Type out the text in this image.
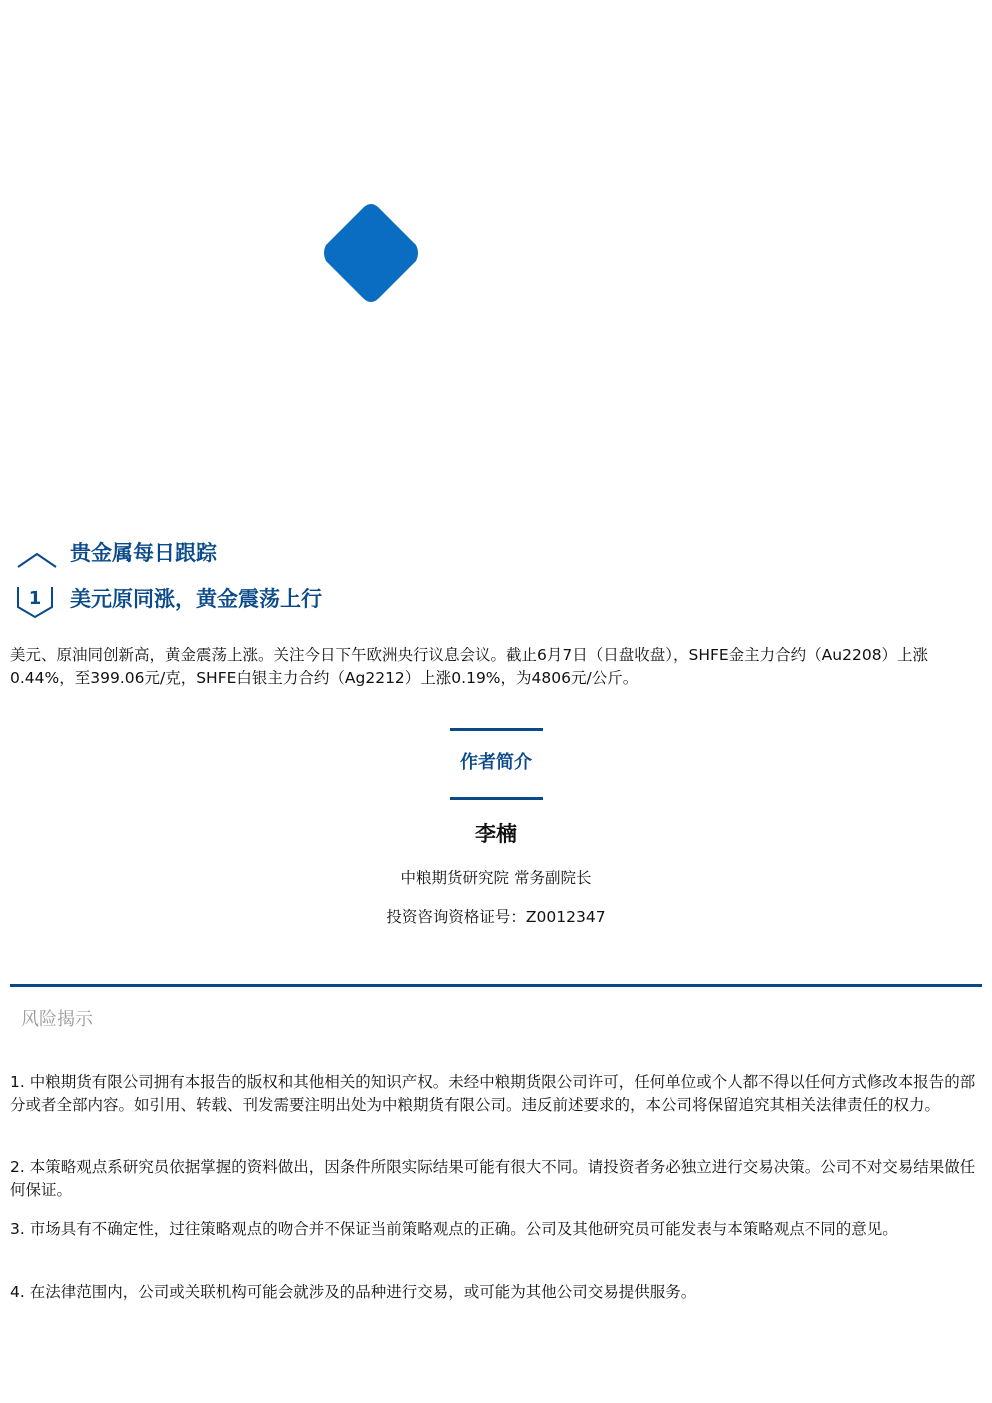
贵金属每日跟踪
1	美元原同涨，黄金震荡上行

美元、原油同创新高，黄金震荡上涨。关注今日下午欧洲央行议息会议。截止6月7日（日盘收盘），SHFE金主力合约（Au2208）上涨0.44%，至399.06元/克，SHFE白银主力合约（Ag2212）上涨0.19%，为4806元/公斤。

作者简介
李楠
中粮期货研究院 常务副院长
投资咨询资格证号：Z0012347
风险揭示

1. 中粮期货有限公司拥有本报告的版权和其他相关的知识产权。未经中粮期货限公司许可，任何单位或个人都不得以任何方式修改本报告的部分或者全部内容。如引用、转载、刊发需要注明出处为中粮期货有限公司。违反前述要求的，本公司将保留追究其相关法律责任的权力。

2. 本策略观点系研究员依据掌握的资料做出，因条件所限实际结果可能有很大不同。请投资者务必独立进行交易决策。公司不对交易结果做任何保证。

3. 市场具有不确定性，过往策略观点的吻合并不保证当前策略观点的正确。公司及其他研究员可能发表与本策略观点不同的意见。

4. 在法律范围内，公司或关联机构可能会就涉及的品种进行交易，或可能为其他公司交易提供服务。
